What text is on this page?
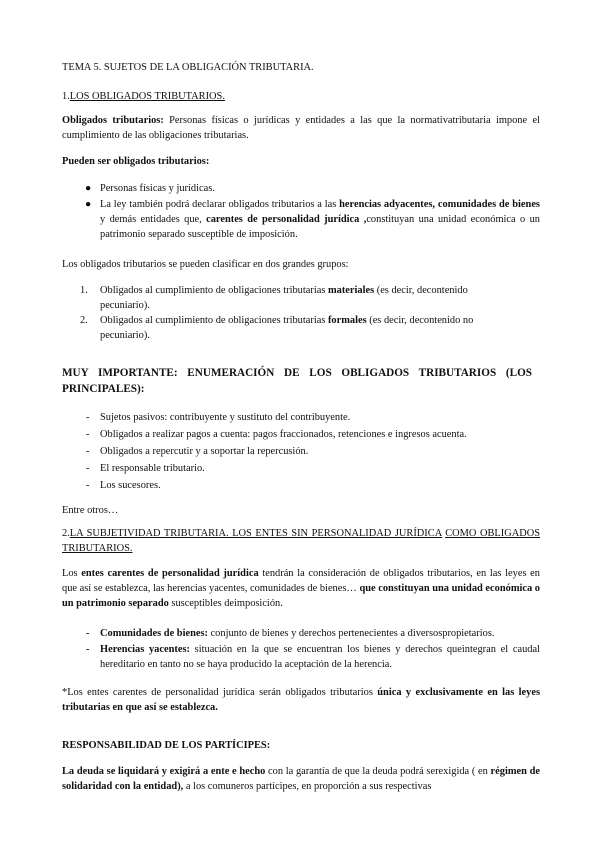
TEMA 5. SUJETOS DE LA OBLIGACIÓN TRIBUTARIA.

1.LOS OBLIGADOS TRIBUTARIOS.

Obligados tributarios: Personas físicas o jurídicas y entidades a las que la normativatributaria impone el cumplimiento de las obligaciones tributarias.

Pueden ser obligados tributarios:

● Personas físicas y jurídicas.

● La ley también podrá declarar obligados tributarios a las herencias adyacentes, comunidades de bienes y demás entidades que, carentes de personalidad jurídica ,constituyan una unidad económica o un patrimonio separado susceptible de imposición.

Los obligados tributarios se pueden clasificar en dos grandes grupos:

1. Obligados al cumplimiento de obligaciones tributarias materiales (es decir, decontenido pecuniario).

2. Obligados al cumplimiento de obligaciones tributarias formales (es decir, decontenido no pecuniario).

MUY IMPORTANTE: ENUMERACIÓN DE LOS OBLIGADOS TRIBUTARIOS (LOS PRINCIPALES):

- Sujetos pasivos: contribuyente y sustituto del contribuyente.

- Obligados a realizar pagos a cuenta: pagos fraccionados, retenciones e ingresos acuenta.

- Obligados a repercutir y a soportar la repercusión.

- El responsable tributario.

- Los sucesores.

Entre otros…

2.LA SUBJETIVIDAD TRIBUTARIA. LOS ENTES SIN PERSONALIDAD JURÍDICA COMO OBLIGADOS TRIBUTARIOS.

Los entes carentes de personalidad jurídica tendrán la consideración de obligados tributarios, en las leyes en que así se establezca, las herencias yacentes, comunidades de bienes… que constituyan una unidad económica o un patrimonio separado susceptibles deimposición.

- Comunidades de bienes: conjunto de bienes y derechos pertenecientes a diversospropietarios.

- Herencias yacentes: situación en la que se encuentran los bienes y derechos queintegran el caudal hereditario en tanto no se haya producido la aceptación de la herencia.

*Los entes carentes de personalidad jurídica serán obligados tributarios única y exclusivamente en las leyes tributarias en que así se establezca.

RESPONSABILIDAD DE LOS PARTÍCIPES:

La deuda se liquidará y exigirá a ente e hecho con la garantía de que la deuda podrá serexigida ( en régimen de solidaridad con la entidad), a los comuneros partícipes, en proporción a sus respectivas
